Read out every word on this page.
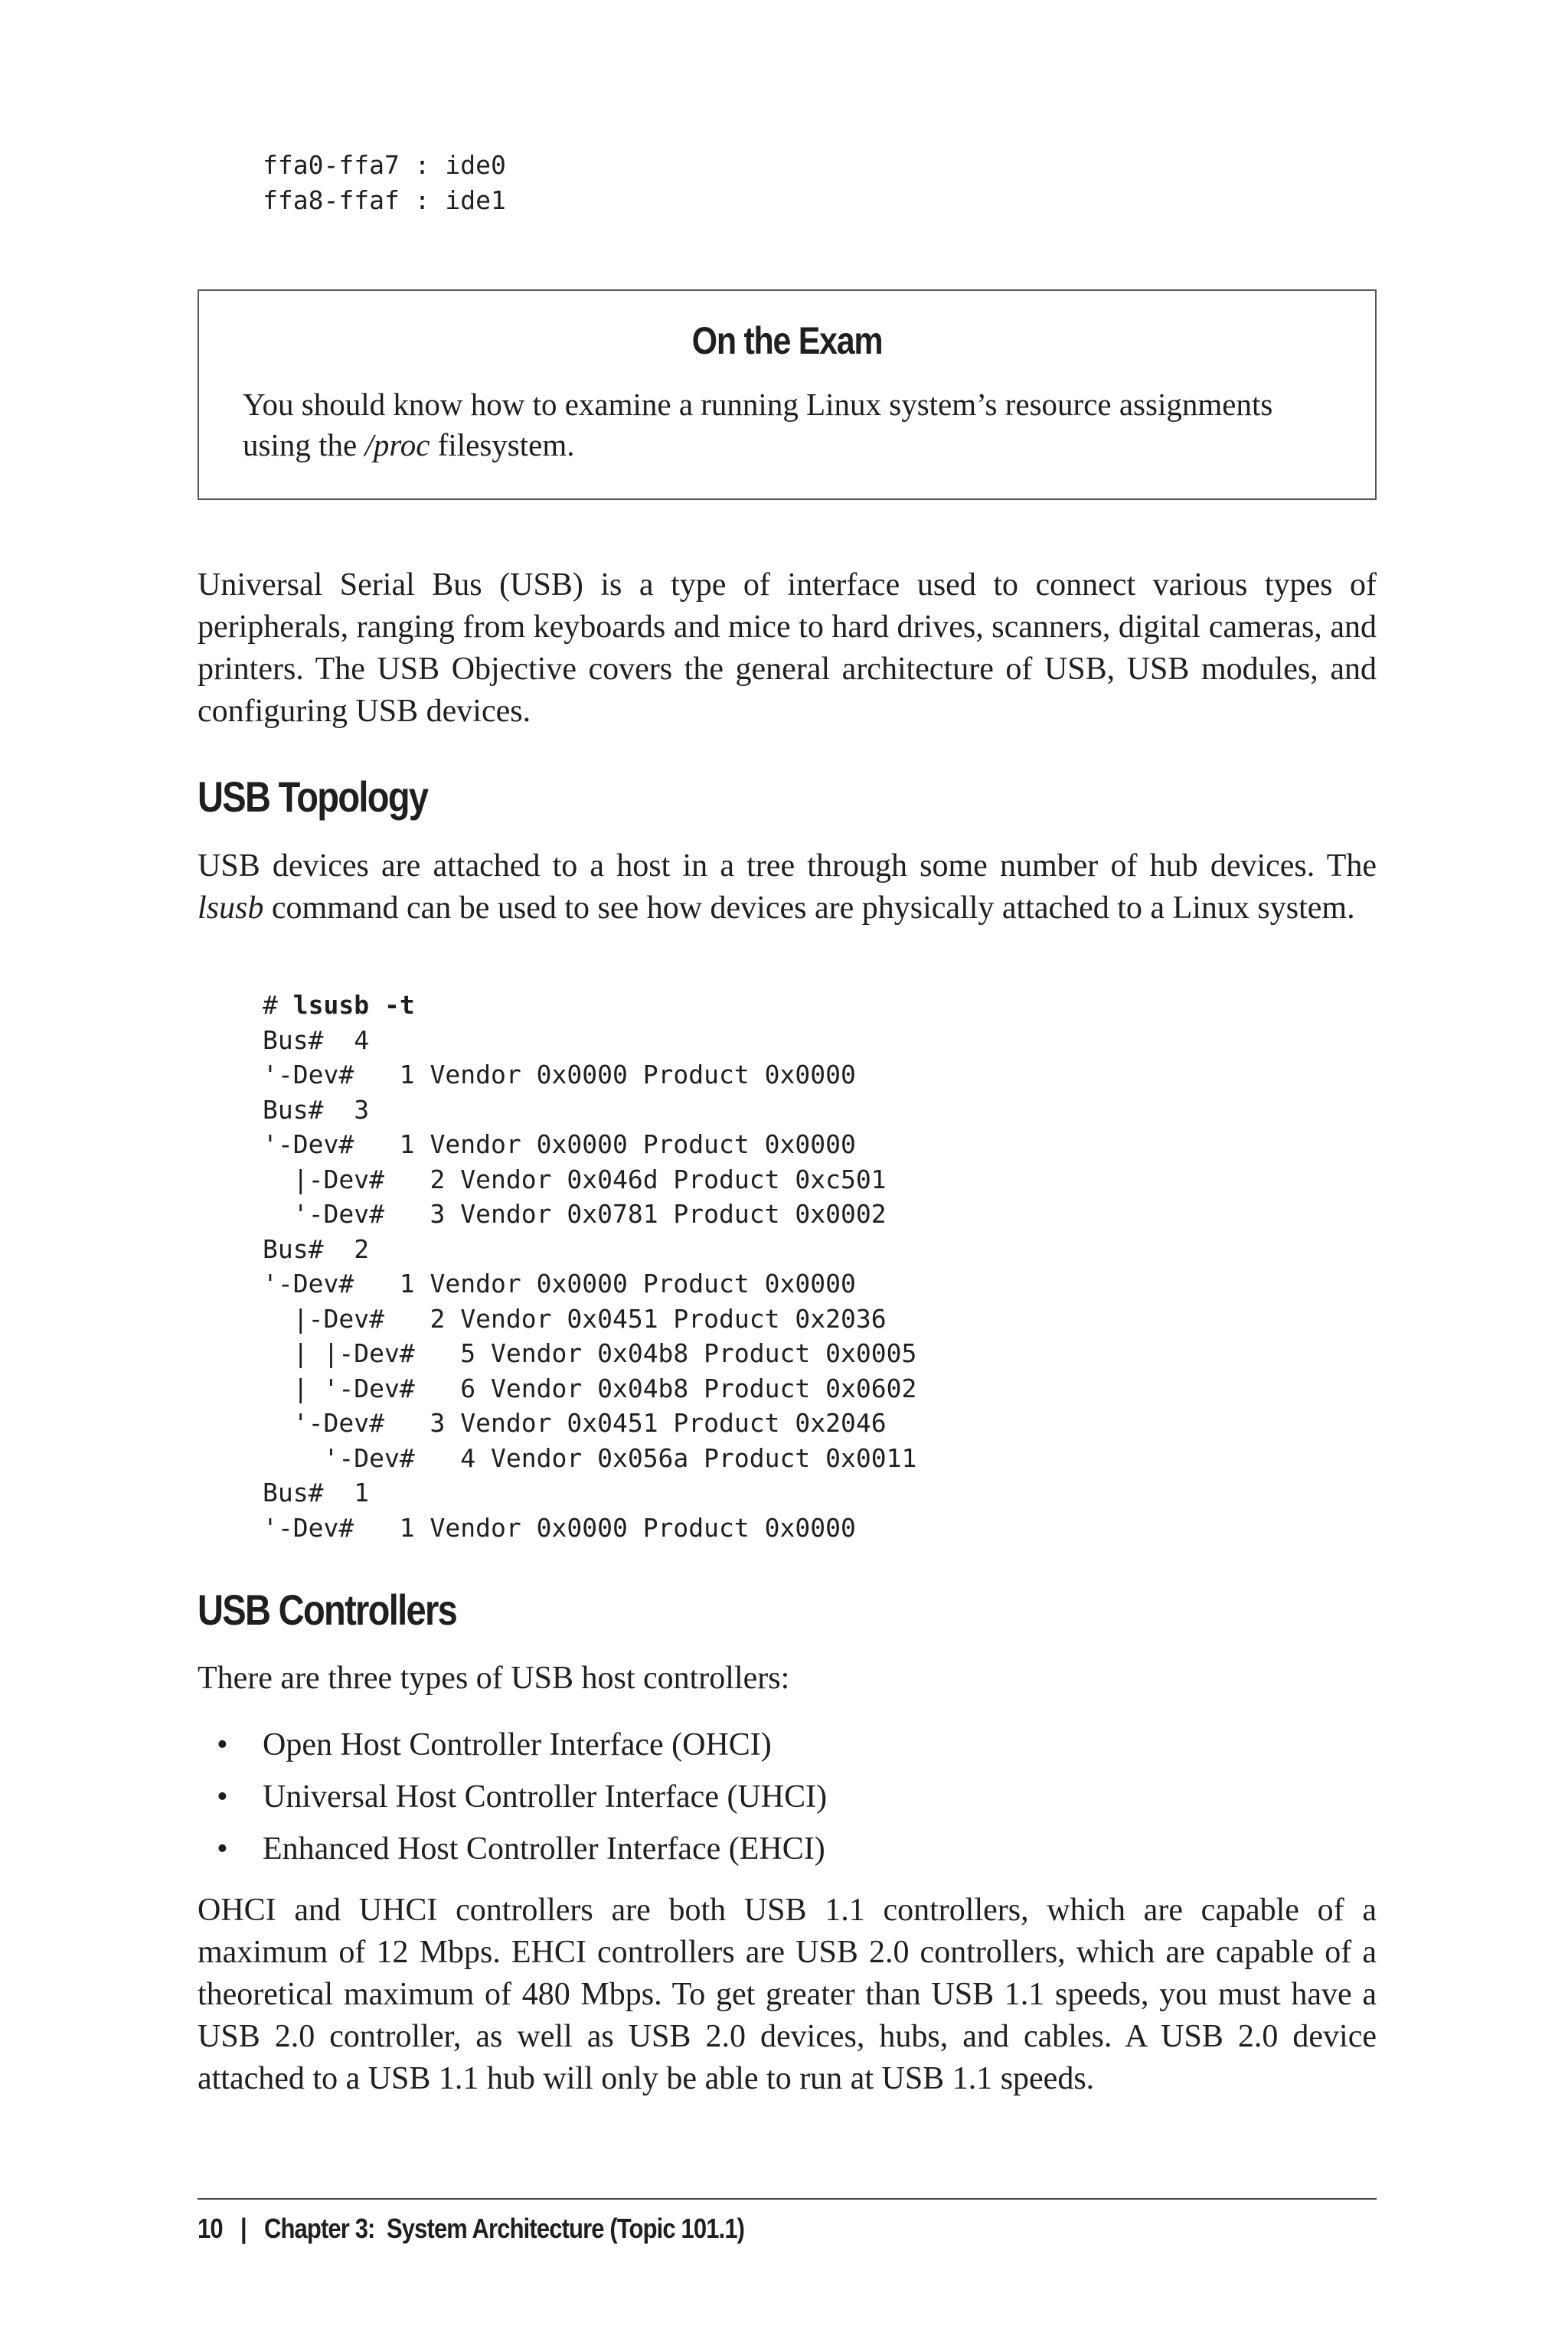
ffa0-ffa7 : ide0
ffa8-ffaf : ide1
On the Exam

You should know how to examine a running Linux system’s resource assignments using the /proc filesystem.

Universal Serial Bus (USB) is a type of interface used to connect various types of peripherals, ranging from keyboards and mice to hard drives, scanners, digital cameras, and printers. The USB Objective covers the general architecture of USB, USB modules, and configuring USB devices.

USB Topology

USB devices are attached to a host in a tree through some number of hub devices. The lsusb command can be used to see how devices are physically attached to a Linux system.

# lsusb -t
Bus#  4
'-Dev#   1 Vendor 0x0000 Product 0x0000
Bus#  3
'-Dev#   1 Vendor 0x0000 Product 0x0000
|-Dev#   2 Vendor 0x046d Product 0xc501
'-Dev#   3 Vendor 0x0781 Product 0x0002
Bus#  2
'-Dev#   1 Vendor 0x0000 Product 0x0000
|-Dev#   2 Vendor 0x0451 Product 0x2036
| |-Dev#   5 Vendor 0x04b8 Product 0x0005
| '-Dev#   6 Vendor 0x04b8 Product 0x0602
'-Dev#   3 Vendor 0x0451 Product 0x2046
'-Dev#   4 Vendor 0x056a Product 0x0011
Bus#  1
'-Dev#   1 Vendor 0x0000 Product 0x0000
USB Controllers

There are three types of USB host controllers:

• Open Host Controller Interface (OHCI)
• Universal Host Controller Interface (UHCI)
• Enhanced Host Controller Interface (EHCI)

OHCI and UHCI controllers are both USB 1.1 controllers, which are capable of a maximum of 12 Mbps. EHCI controllers are USB 2.0 controllers, which are capable of a theoretical maximum of 480 Mbps. To get greater than USB 1.1 speeds, you must have a USB 2.0 controller, as well as USB 2.0 devices, hubs, and cables. A USB 2.0 device attached to a USB 1.1 hub will only be able to run at USB 1.1 speeds.

10 | Chapter 3:  System Architecture (Topic 101.1)
